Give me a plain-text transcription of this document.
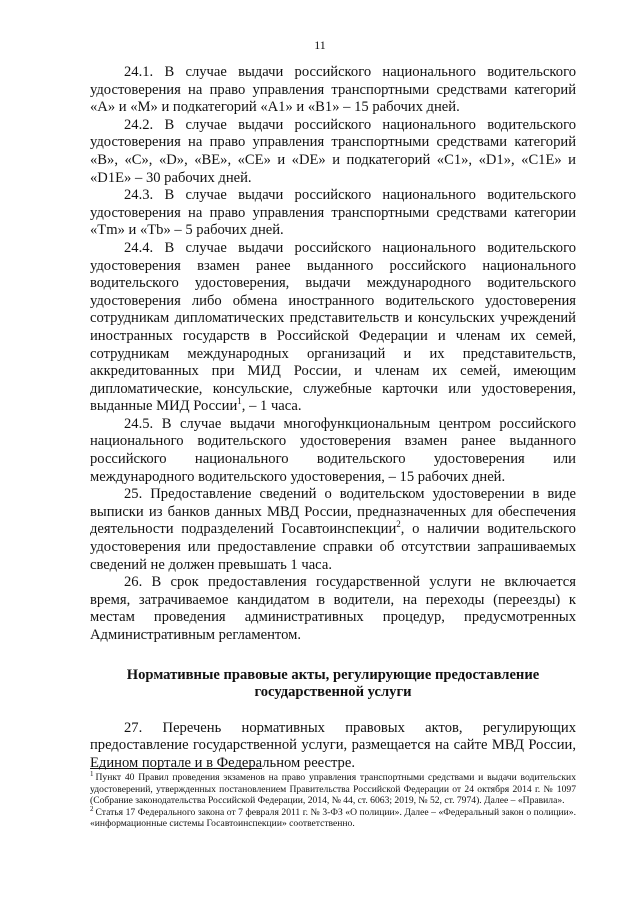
11

24.1. В случае выдачи российского национального водительского удостоверения на право управления транспортными средствами категорий «А» и «М» и подкатегорий «А1» и «В1» – 15 рабочих дней.

24.2. В случае выдачи российского национального водительского удостоверения на право управления транспортными средствами категорий «В», «С», «D», «ВЕ», «СЕ» и «DE» и подкатегорий «С1», «D1», «С1Е» и «D1Е» – 30 рабочих дней.

24.3. В случае выдачи российского национального водительского удостоверения на право управления транспортными средствами категории «Tm» и «Tb» – 5 рабочих дней.

24.4. В случае выдачи российского национального водительского удостоверения взамен ранее выданного российского национального водительского удостоверения, выдачи международного водительского удостоверения либо обмена иностранного водительского удостоверения сотрудникам дипломатических представительств и консульских учреждений иностранных государств в Российской Федерации и членам их семей, сотрудникам международных организаций и их представительств, аккредитованных при МИД России, и членам их семей, имеющим дипломатические, консульские, служебные карточки или удостоверения, выданные МИД России$^1$, – 1 часа.

24.5. В случае выдачи многофункциональным центром российского национального водительского удостоверения взамен ранее выданного российского национального водительского удостоверения или международного водительского удостоверения, – 15 рабочих дней.

25. Предоставление сведений о водительском удостоверении в виде выписки из банков данных МВД России, предназначенных для обеспечения деятельности подразделений Госавтоинспекции$^2$, о наличии водительского удостоверения или предоставление справки об отсутствии запрашиваемых сведений не должен превышать 1 часа.

26. В срок предоставления государственной услуги не включается время, затрачиваемое кандидатом в водители, на переходы (переезды) к местам проведения административных процедур, предусмотренных Административным регламентом.

Нормативные правовые акты, регулирующие предоставление государственной услуги

27. Перечень нормативных правовых актов, регулирующих предоставление государственной услуги, размещается на сайте МВД России, Едином портале и в Федеральном реестре.

$^1$ Пункт 40 Правил проведения экзаменов на право управления транспортными средствами и выдачи водительских удостоверений, утвержденных постановлением Правительства Российской Федерации от 24 октября 2014 г. № 1097 (Собрание законодательства Российской Федерации, 2014, № 44, ст. 6063; 2019, № 52, ст. 7974). Далее – «Правила».

$^2$ Статья 17 Федерального закона от 7 февраля 2011 г. № 3-ФЗ «О полиции». Далее – «Федеральный закон о полиции». «информационные системы Госавтоинспекции» соответственно.
